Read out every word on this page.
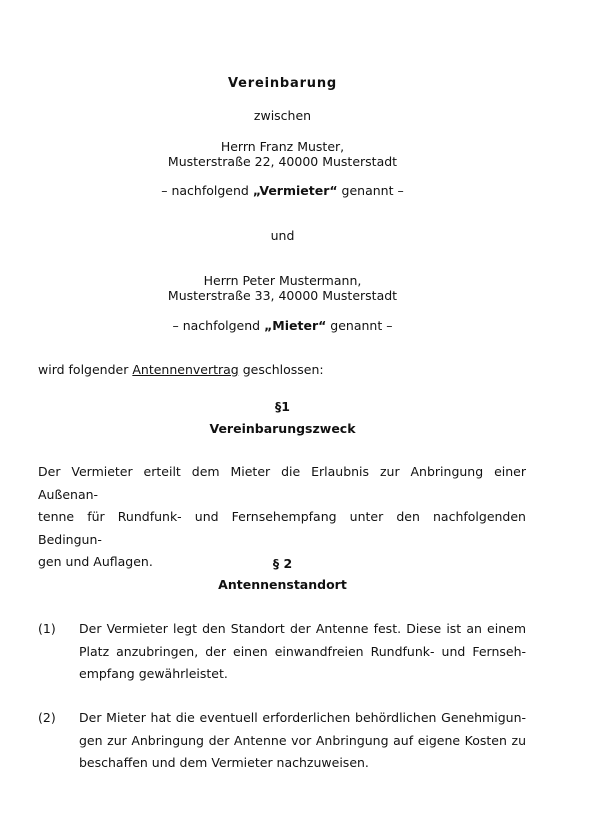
Vereinbarung
zwischen
Herrn Franz Muster,
Musterstraße 22, 40000 Musterstadt
– nachfolgend „Vermieter“ genannt –
und
Herrn Peter Mustermann,
Musterstraße 33, 40000 Musterstadt
– nachfolgend „Mieter“ genannt –
wird folgender Antennenvertrag geschlossen:
§1
Vereinbarungszweck
Der Vermieter erteilt dem Mieter die Erlaubnis zur Anbringung einer Außenan-
tenne für Rundfunk- und Fernsehempfang unter den nachfolgenden Bedingun-
gen und Auflagen.	§ 2
Antennenstandort
(1) Der Vermieter legt den Standort der Antenne fest. Diese ist an einem
Platz anzubringen, der einen einwandfreien Rundfunk- und Fernseh-
empfang gewährleistet.
(2) Der Mieter hat die eventuell erforderlichen behördlichen Genehmigun-
gen zur Anbringung der Antenne vor Anbringung auf eigene Kosten zu
beschaffen und dem Vermieter nachzuweisen.
